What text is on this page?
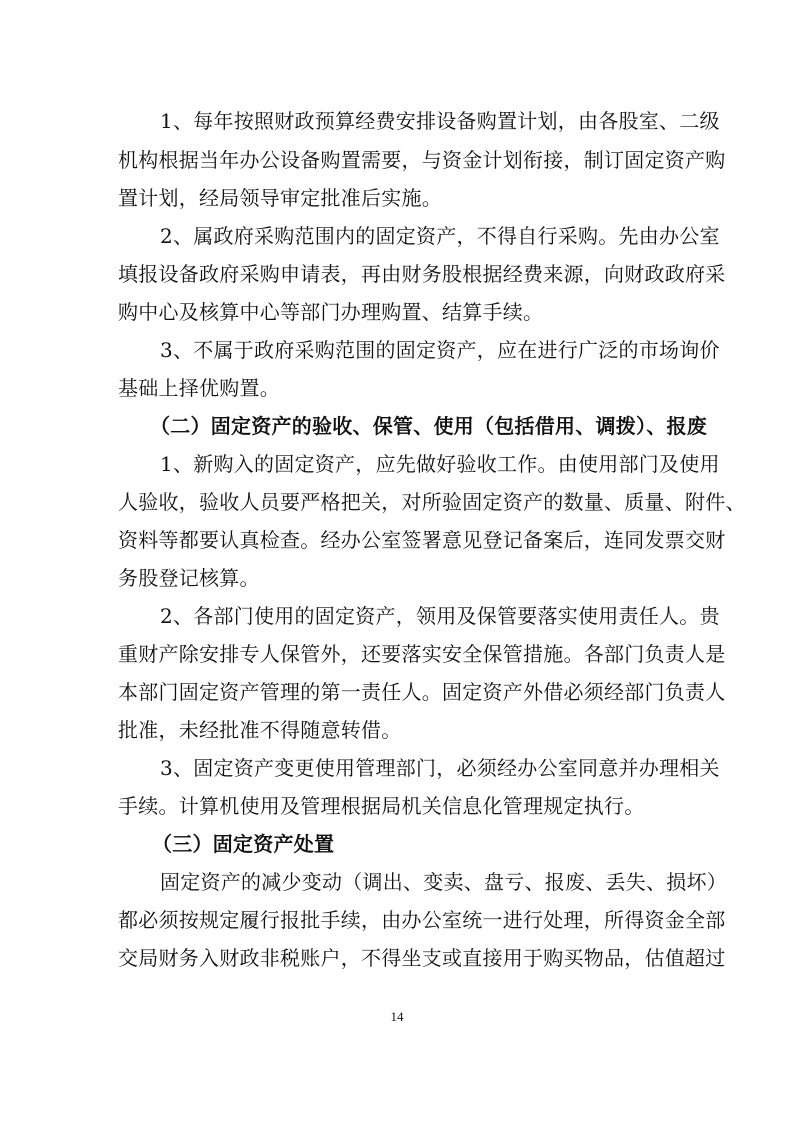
1、每年按照财政预算经费安排设备购置计划，由各股室、二级
机构根据当年办公设备购置需要，与资金计划衔接，制订固定资产购
置计划，经局领导审定批准后实施。
2、属政府采购范围内的固定资产，不得自行采购。先由办公室
填报设备政府采购申请表，再由财务股根据经费来源，向财政政府采
购中心及核算中心等部门办理购置、结算手续。
3、不属于政府采购范围的固定资产，应在进行广泛的市场询价
基础上择优购置。
（二）固定资产的验收、保管、使用（包括借用、调拨）、报废
1、新购入的固定资产，应先做好验收工作。由使用部门及使用
人验收，验收人员要严格把关，对所验固定资产的数量、质量、附件、
资料等都要认真检查。经办公室签署意见登记备案后，连同发票交财
务股登记核算。
2、各部门使用的固定资产，领用及保管要落实使用责任人。贵
重财产除安排专人保管外，还要落实安全保管措施。各部门负责人是
本部门固定资产管理的第一责任人。固定资产外借必须经部门负责人
批准，未经批准不得随意转借。
3、固定资产变更使用管理部门，必须经办公室同意并办理相关
手续。计算机使用及管理根据局机关信息化管理规定执行。
（三）固定资产处置
固定资产的减少变动（调出、变卖、盘亏、报废、丢失、损坏）
都必须按规定履行报批手续，由办公室统一进行处理，所得资金全部
交局财务入财政非税账户，不得坐支或直接用于购买物品，估值超过
14
